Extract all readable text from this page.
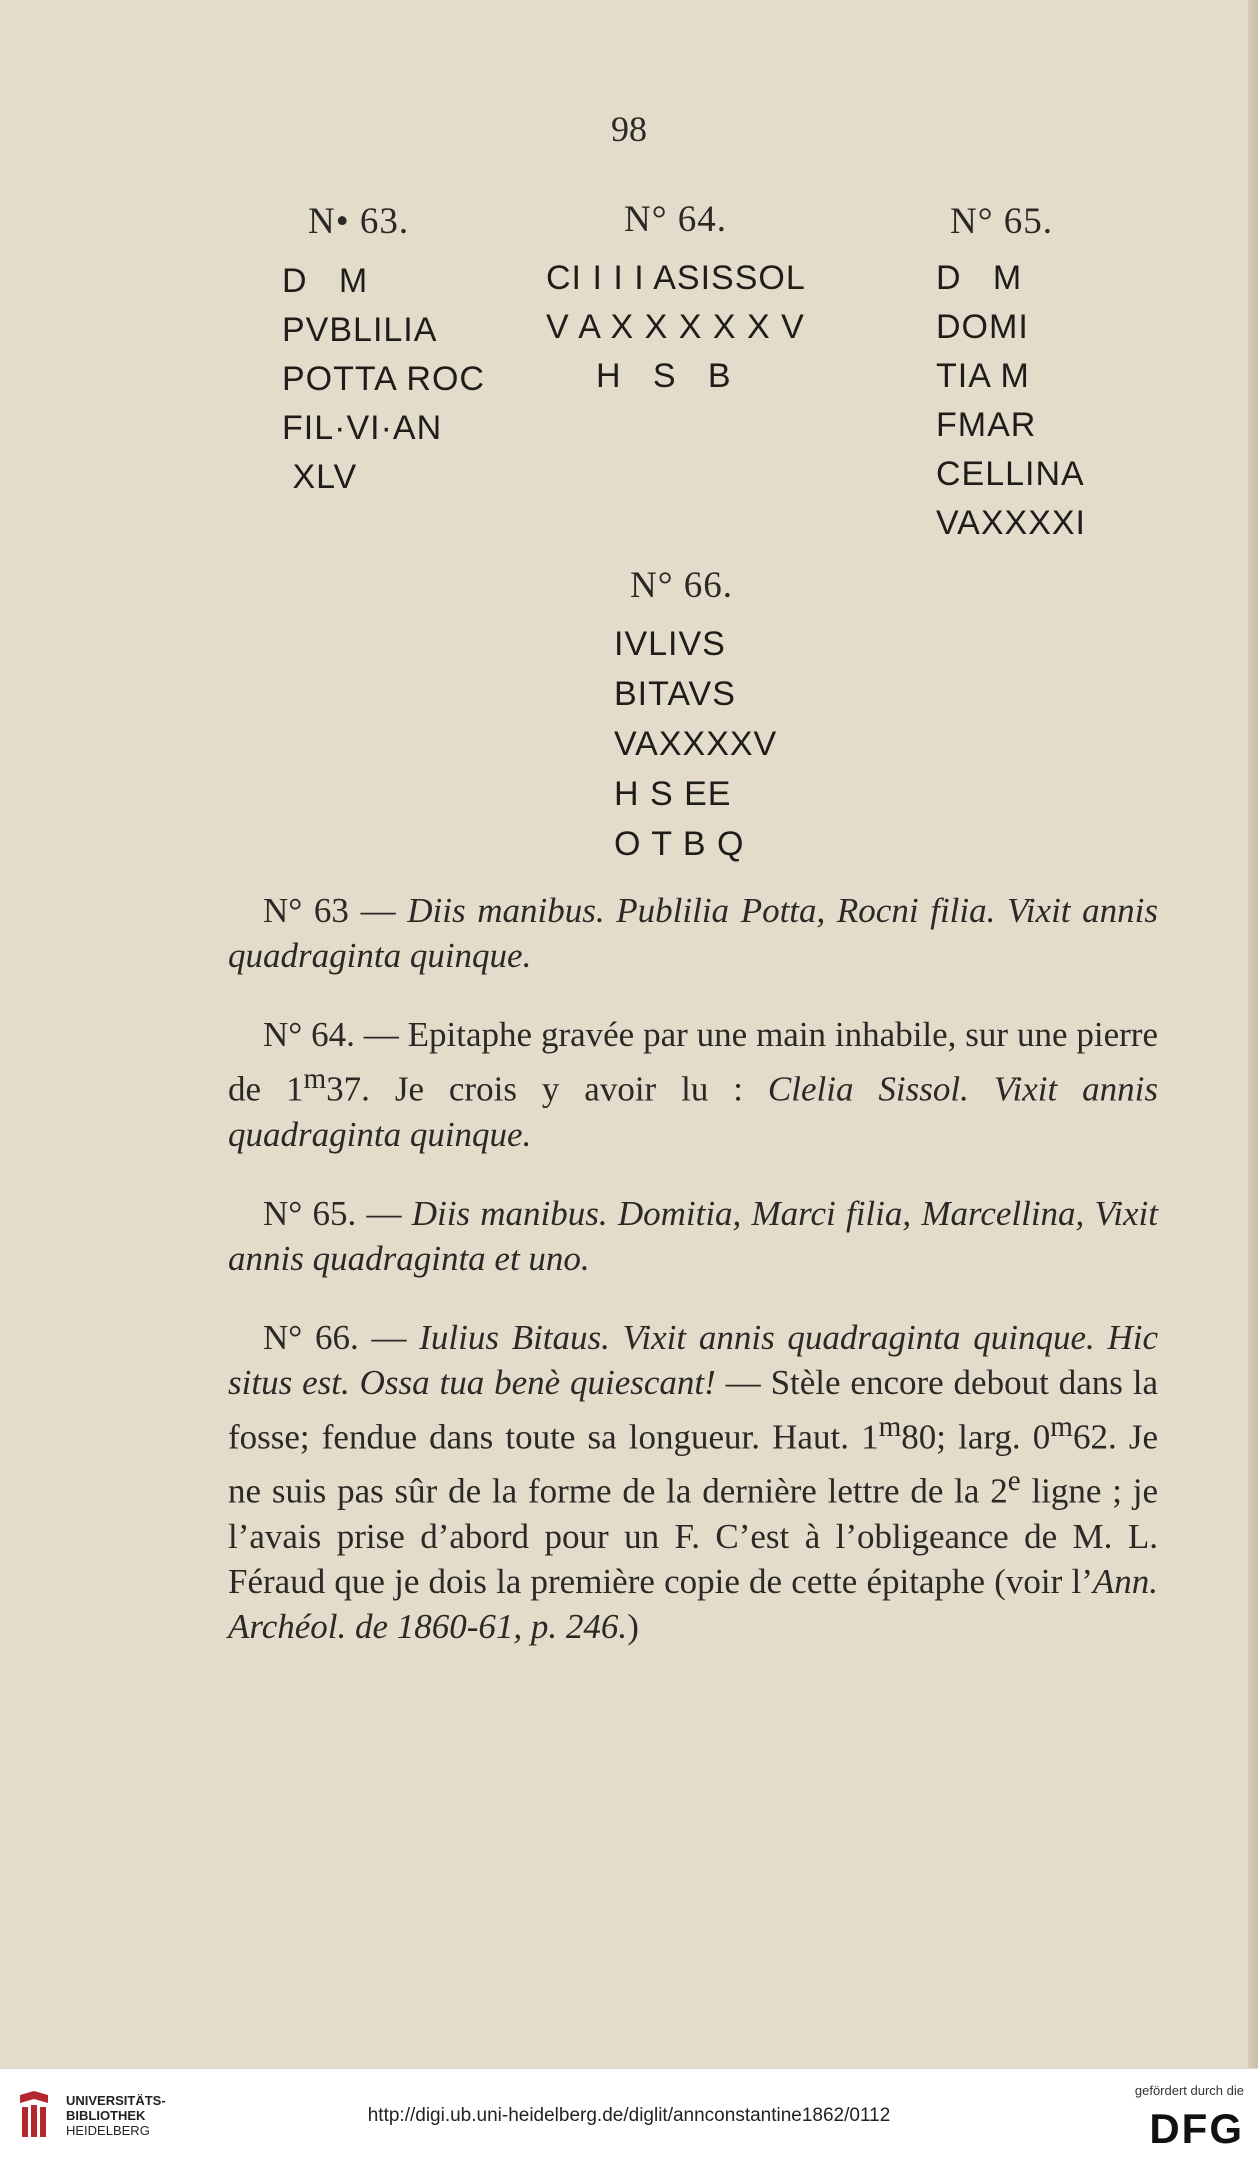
98
N• 63.
D   M
PVBLILIA
POTTA ROC
FIL·VI·AN
XLV
N° 64.
CI I I I ASISSOL
V A X X X X X V
H   S   B
N° 65.
D   M
DOMI
TIA M
FMAR
CELLINA
VAXXXXI
N° 66.
IVLIVS
BITAVS
VAXXXXV
H S EE
O T B Q

N° 63 — Diis manibus. Publilia Potta, Rocni filia. Vixit annis quadraginta quinque.

N° 64. — Epitaphe gravée par une main inhabile, sur une pierre de 1$^m$37. Je crois y avoir lu : Clelia Sissol. Vixit annis quadraginta quinque.

N° 65. — Diis manibus. Domitia, Marci filia, Marcellina, Vixit annis quadraginta et uno.

N° 66. — Iulius Bitaus. Vixit annis quadraginta quinque. Hic situs est. Ossa tua benè quiescant! — Stèle encore debout dans la fosse; fendue dans toute sa longueur. Haut. 1$^m$80; larg. 0$^m$62. Je ne suis pas sûr de la forme de la dernière lettre de la 2e ligne ; je l’avais prise d’abord pour un F. C’est à l’obligeance de M. L. Féraud que je dois la première copie de cette épitaphe (voir l’Ann. Archéol. de 1860-61, p. 246.)

UNIVERSITÄTS-
BIBLIOTHEK
HEIDELBERG
http://digi.ub.uni-heidelberg.de/diglit/annconstantine1862/0112
gefördert durch die
DFG
